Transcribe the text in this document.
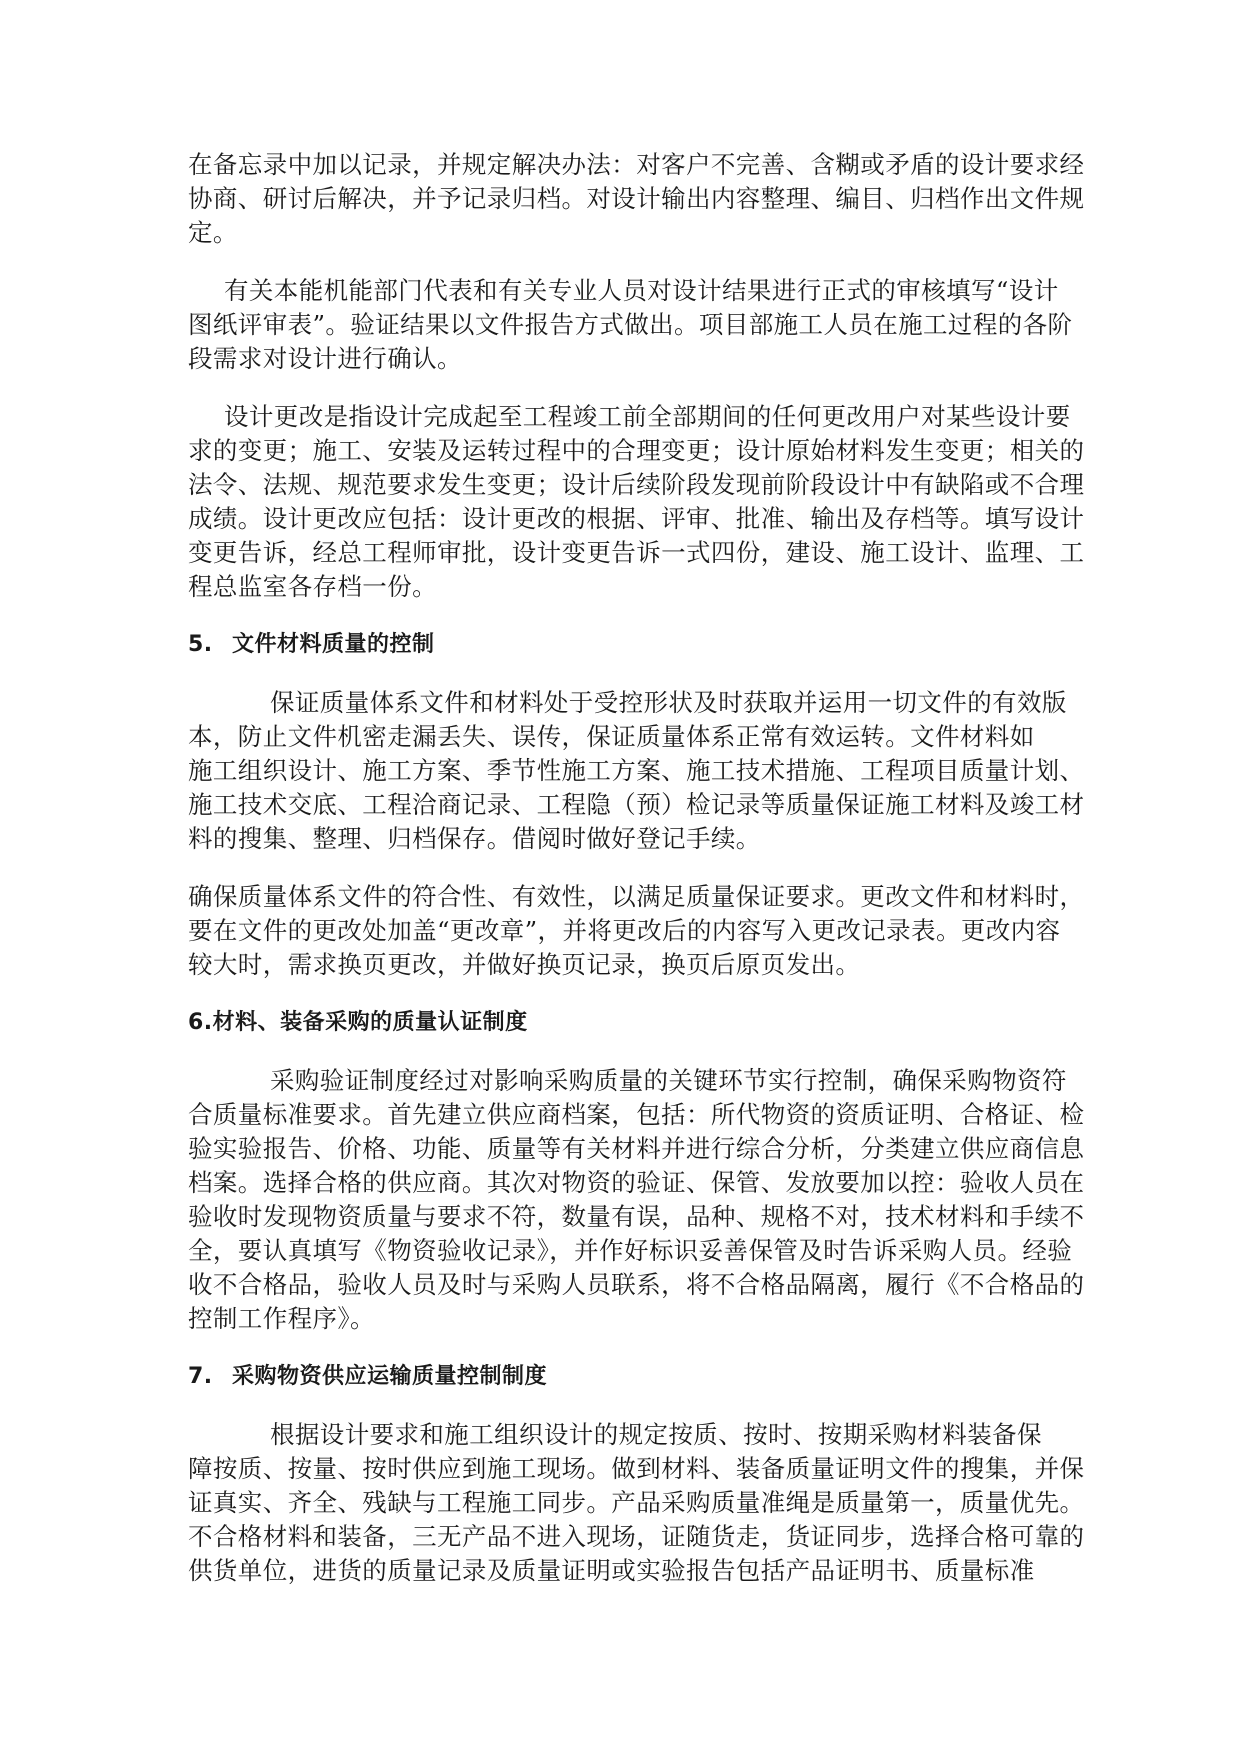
在备忘录中加以记录，并规定解决办法：对客户不完善、含糊或矛盾的设计要求经
协商、研讨后解决，并予记录归档。对设计输出内容整理、编目、归档作出文件规
定。
有关本能机能部门代表和有关专业人员对设计结果进行正式的审核填写“设计
图纸评审表”。验证结果以文件报告方式做出。项目部施工人员在施工过程的各阶
段需求对设计进行确认。
设计更改是指设计完成起至工程竣工前全部期间的任何更改用户对某些设计要
求的变更；施工、安装及运转过程中的合理变更；设计原始材料发生变更；相关的
法令、法规、规范要求发生变更；设计后续阶段发现前阶段设计中有缺陷或不合理
成绩。设计更改应包括：设计更改的根据、评审、批准、输出及存档等。填写设计
变更告诉，经总工程师审批，设计变更告诉一式四份，建设、施工设计、监理、工
程总监室各存档一份。
5. 文件材料质量的控制
保证质量体系文件和材料处于受控形状及时获取并运用一切文件的有效版
本，防止文件机密走漏丢失、误传，保证质量体系正常有效运转。文件材料如
施工组织设计、施工方案、季节性施工方案、施工技术措施、工程项目质量计划、
施工技术交底、工程洽商记录、工程隐（预）检记录等质量保证施工材料及竣工材
料的搜集、整理、归档保存。借阅时做好登记手续。
确保质量体系文件的符合性、有效性，以满足质量保证要求。更改文件和材料时，
要在文件的更改处加盖“更改章”，并将更改后的内容写入更改记录表。更改内容
较大时，需求换页更改，并做好换页记录，换页后原页发出。
6.材料、装备采购的质量认证制度
采购验证制度经过对影响采购质量的关键环节实行控制，确保采购物资符
合质量标准要求。首先建立供应商档案，包括：所代物资的资质证明、合格证、检
验实验报告、价格、功能、质量等有关材料并进行综合分析，分类建立供应商信息
档案。选择合格的供应商。其次对物资的验证、保管、发放要加以控：验收人员在
验收时发现物资质量与要求不符，数量有误，品种、规格不对，技术材料和手续不
全，要认真填写《物资验收记录》，并作好标识妥善保管及时告诉采购人员。经验
收不合格品，验收人员及时与采购人员联系，将不合格品隔离，履行《不合格品的
控制工作程序》。
7. 采购物资供应运输质量控制制度
根据设计要求和施工组织设计的规定按质、按时、按期采购材料装备保
障按质、按量、按时供应到施工现场。做到材料、装备质量证明文件的搜集，并保
证真实、齐全、残缺与工程施工同步。产品采购质量准绳是质量第一，质量优先。
不合格材料和装备，三无产品不进入现场，证随货走，货证同步，选择合格可靠的
供货单位，进货的质量记录及质量证明或实验报告包括产品证明书、质量标准
